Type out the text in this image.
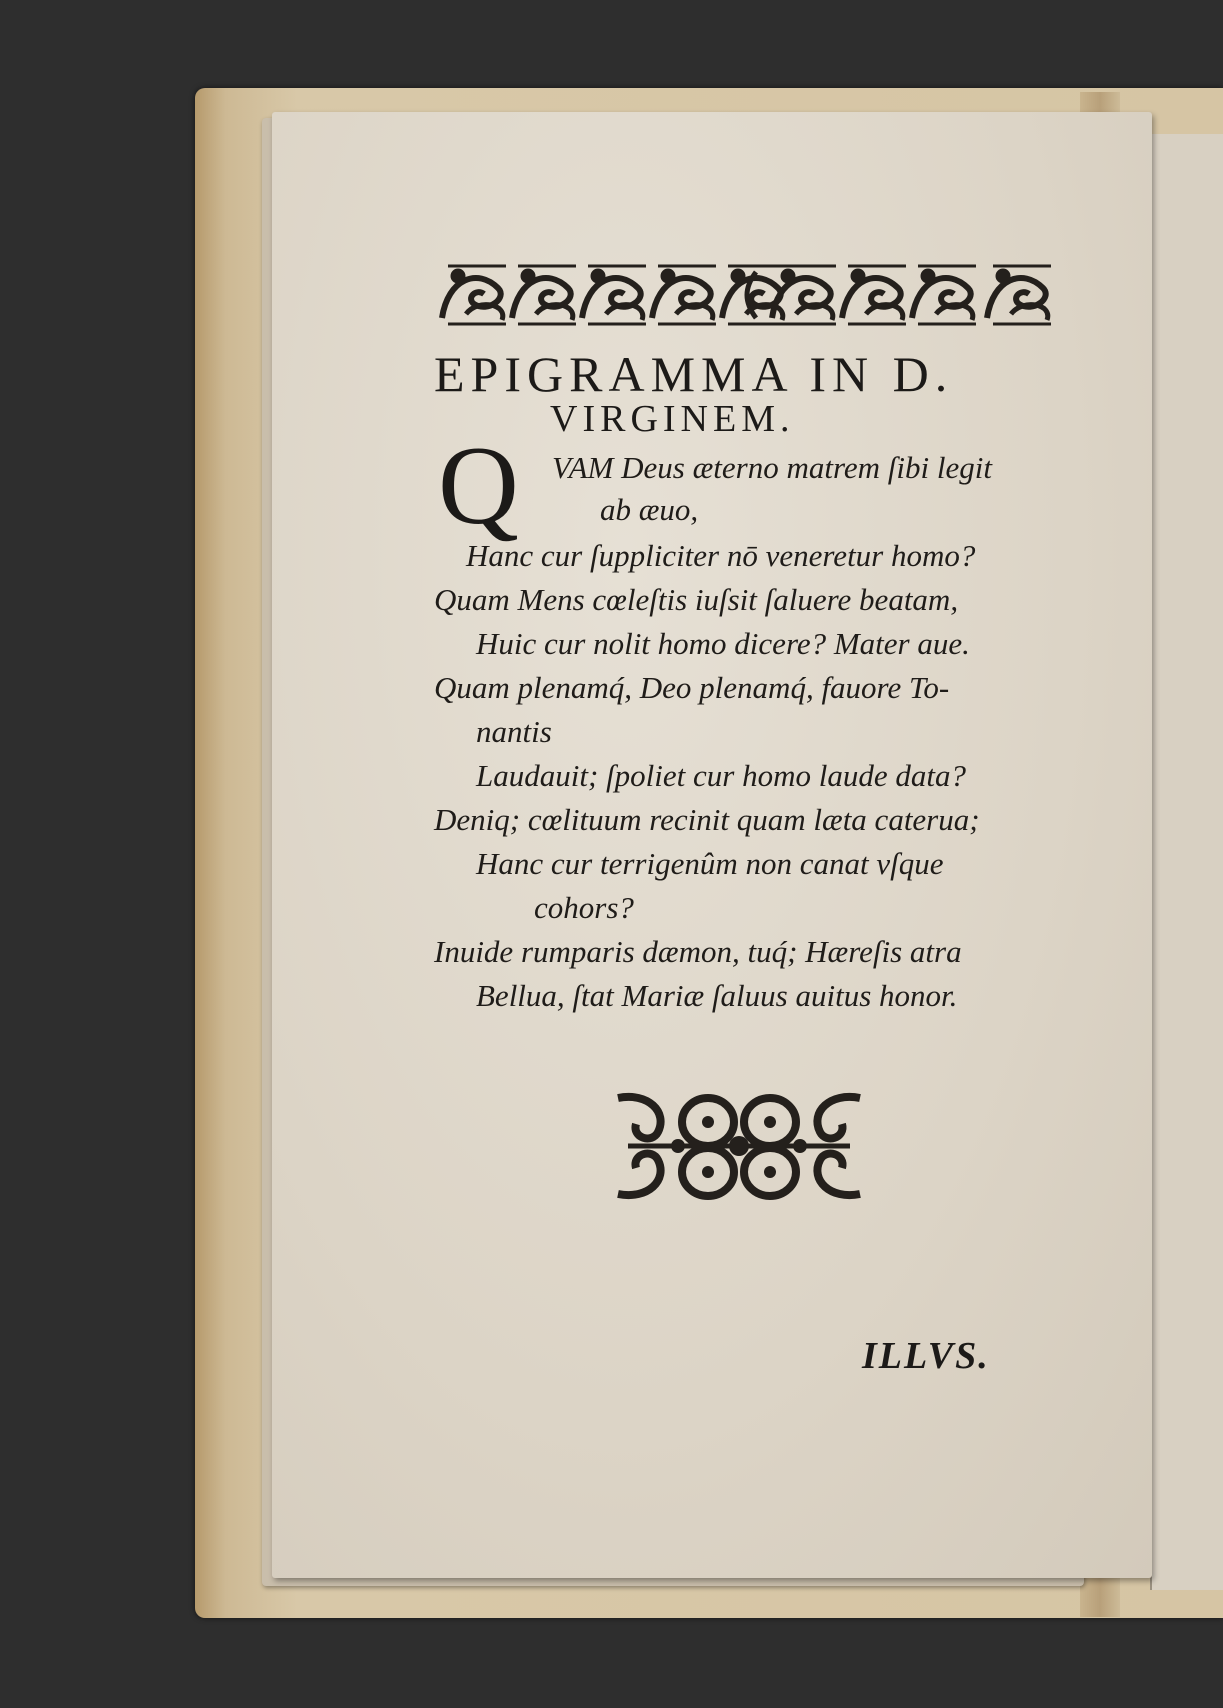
EPIGRAMMA IN D.
VIRGINEM.
Q VAM Deus æterno matrem ſibi legit

ab æuo,

Hanc cur ſuppliciter nō veneretur homo?

Quam Mens cœleſtis iuſsit ſaluere beatam,

Huic cur nolit homo dicere? Mater aue.

Quam plenamq́, Deo plenamq́, fauore To-

nantis

Laudauit; ſpoliet cur homo laude data?

Deniq; cœlituum recinit quam læta caterua;

Hanc cur terrigenûm non canat vſque

cohors?

Inuide rumparis dæmon, tuq́; Hæreſis atra

Bellua, ſtat Mariæ ſaluus auitus honor.

ILLVS.
